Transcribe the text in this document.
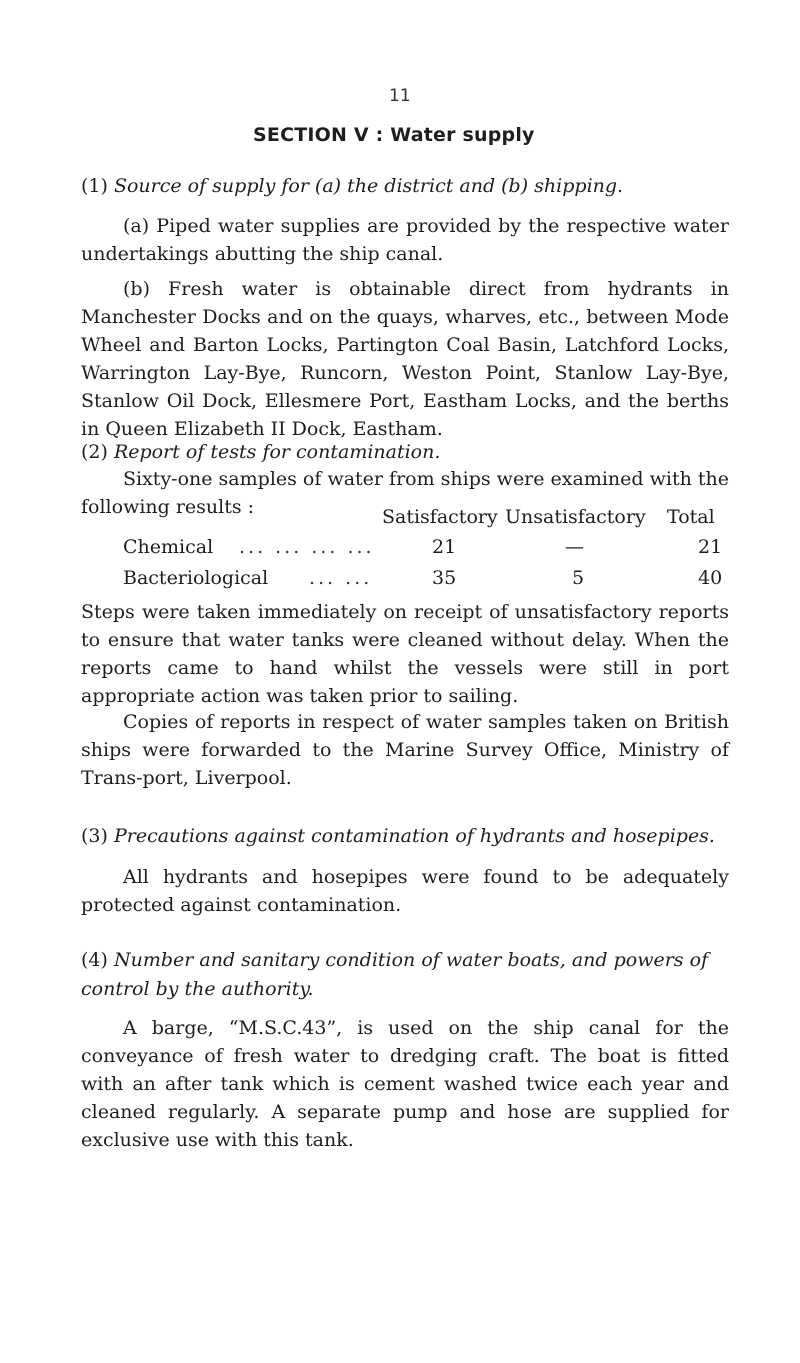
11
SECTION V : Water supply
(1) Source of supply for (a) the district and (b) shipping.
(a) Piped water supplies are provided by the respective water undertakings abutting the ship canal.
(b) Fresh water is obtainable direct from hydrants in Manchester Docks and on the quays, wharves, etc., between Mode Wheel and Barton Locks, Partington Coal Basin, Latchford Locks, Warrington Lay-Bye, Runcorn, Weston Point, Stanlow Lay-Bye, Stanlow Oil Dock, Ellesmere Port, Eastham Locks, and the berths in Queen Elizabeth II Dock, Eastham.
(2) Report of tests for contamination.
Sixty-one samples of water from ships were examined with the following results :	Satisfactory Unsatisfactory Total
Chemical ... ... ... ...	21	—	21
Bacteriological ... ...	35	5	40
Steps were taken immediately on receipt of unsatisfactory reports to ensure that water tanks were cleaned without delay. When the reports came to hand whilst the vessels were still in port appropriate action was taken prior to sailing.
Copies of reports in respect of water samples taken on British ships were forwarded to the Marine Survey Office, Ministry of Trans-port, Liverpool.
(3) Precautions against contamination of hydrants and hosepipes.
All hydrants and hosepipes were found to be adequately protected against contamination.
(4) Number and sanitary condition of water boats, and powers of control by the authority.
A barge, “M.S.C.43”, is used on the ship canal for the conveyance of fresh water to dredging craft. The boat is fitted with an after tank which is cement washed twice each year and cleaned regularly. A separate pump and hose are supplied for exclusive use with this tank.
